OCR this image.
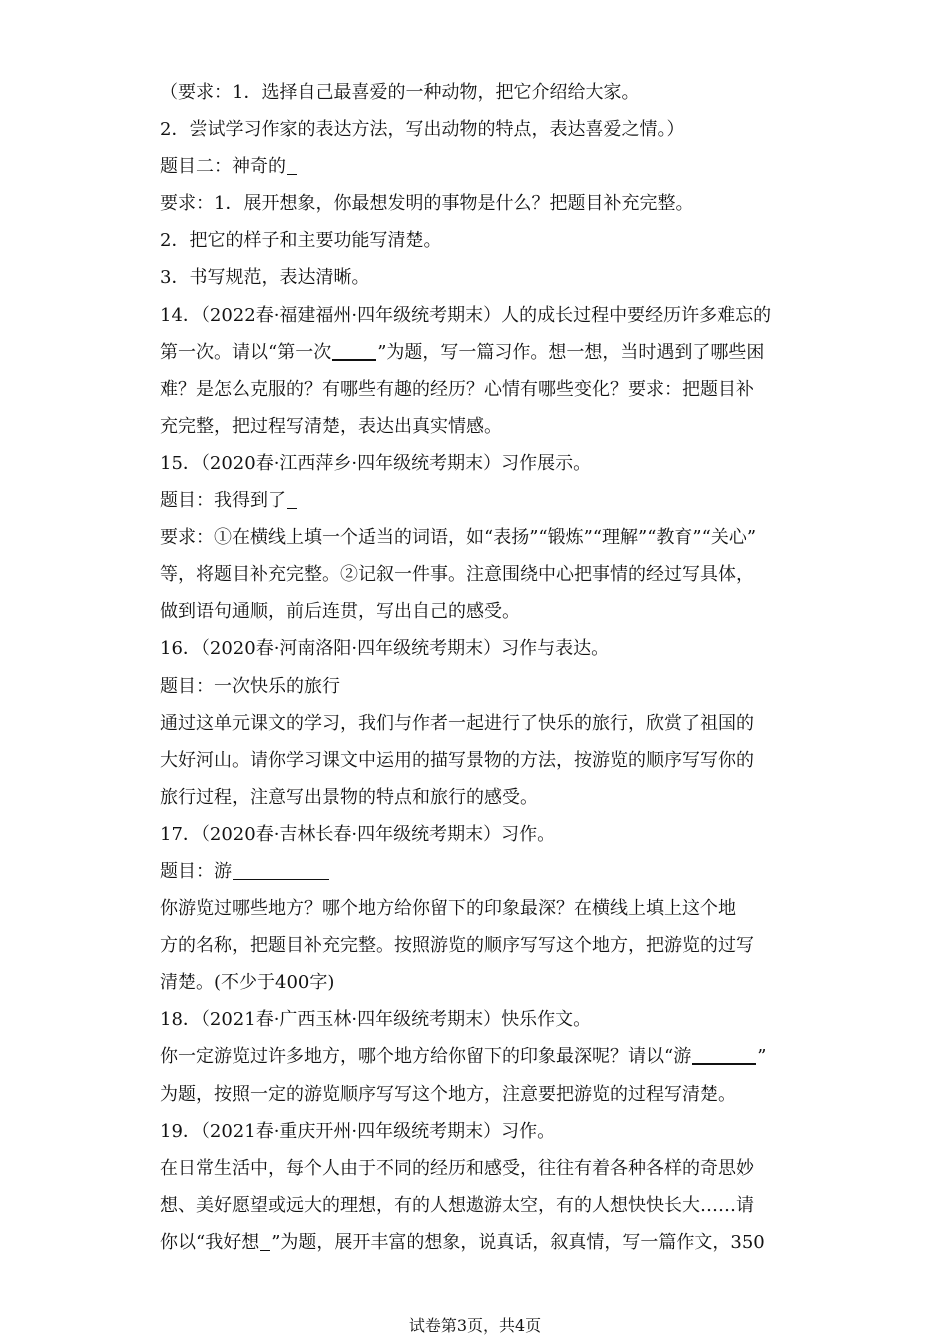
（要求：1．选择自己最喜爱的一种动物，把它介绍给大家。
2．尝试学习作家的表达方法，写出动物的特点，表达喜爱之情。）
题目二：神奇的
要求：1．展开想象，你最想发明的事物是什么？把题目补充完整。
2．把它的样子和主要功能写清楚。
3．书写规范，表达清晰。
14．（2022春·福建福州·四年级统考期末）人的成长过程中要经历许多难忘的
第一次。请以“第一次	”为题，写一篇习作。想一想，当时遇到了哪些困
难？是怎么克服的？有哪些有趣的经历？心情有哪些变化？要求：把题目补
充完整，把过程写清楚，表达出真实情感。
15．（2020春·江西萍乡·四年级统考期末）习作展示。
题目：我得到了
要求：①在横线上填一个适当的词语，如“表扬”“锻炼”“理解”“教育”“关心”
等，将题目补充完整。②记叙一件事。注意围绕中心把事情的经过写具体，
做到语句通顺，前后连贯，写出自己的感受。
16．（2020春·河南洛阳·四年级统考期末）习作与表达。
题目：一次快乐的旅行
通过这单元课文的学习，我们与作者一起进行了快乐的旅行，欣赏了祖国的
大好河山。请你学习课文中运用的描写景物的方法，按游览的顺序写写你的
旅行过程，注意写出景物的特点和旅行的感受。
17．（2020春·吉林长春·四年级统考期末）习作。
题目：游
你游览过哪些地方？哪个地方给你留下的印象最深？在横线上填上这个地
方的名称，把题目补充完整。按照游览的顺序写写这个地方，把游览的过写
清楚。(不少于400字)
18．（2021春·广西玉林·四年级统考期末）快乐作文。
你一定游览过许多地方，哪个地方给你留下的印象最深呢？请以“游	”
为题，按照一定的游览顺序写写这个地方，注意要把游览的过程写清楚。
19．（2021春·重庆开州·四年级统考期末）习作。
在日常生活中，每个人由于不同的经历和感受，往往有着各种各样的奇思妙
想、美好愿望或远大的理想，有的人想遨游太空，有的人想快快长大……请
你以“我好想 ”为题，展开丰富的想象，说真话，叙真情，写一篇作文，350
试卷第3页，共4页
